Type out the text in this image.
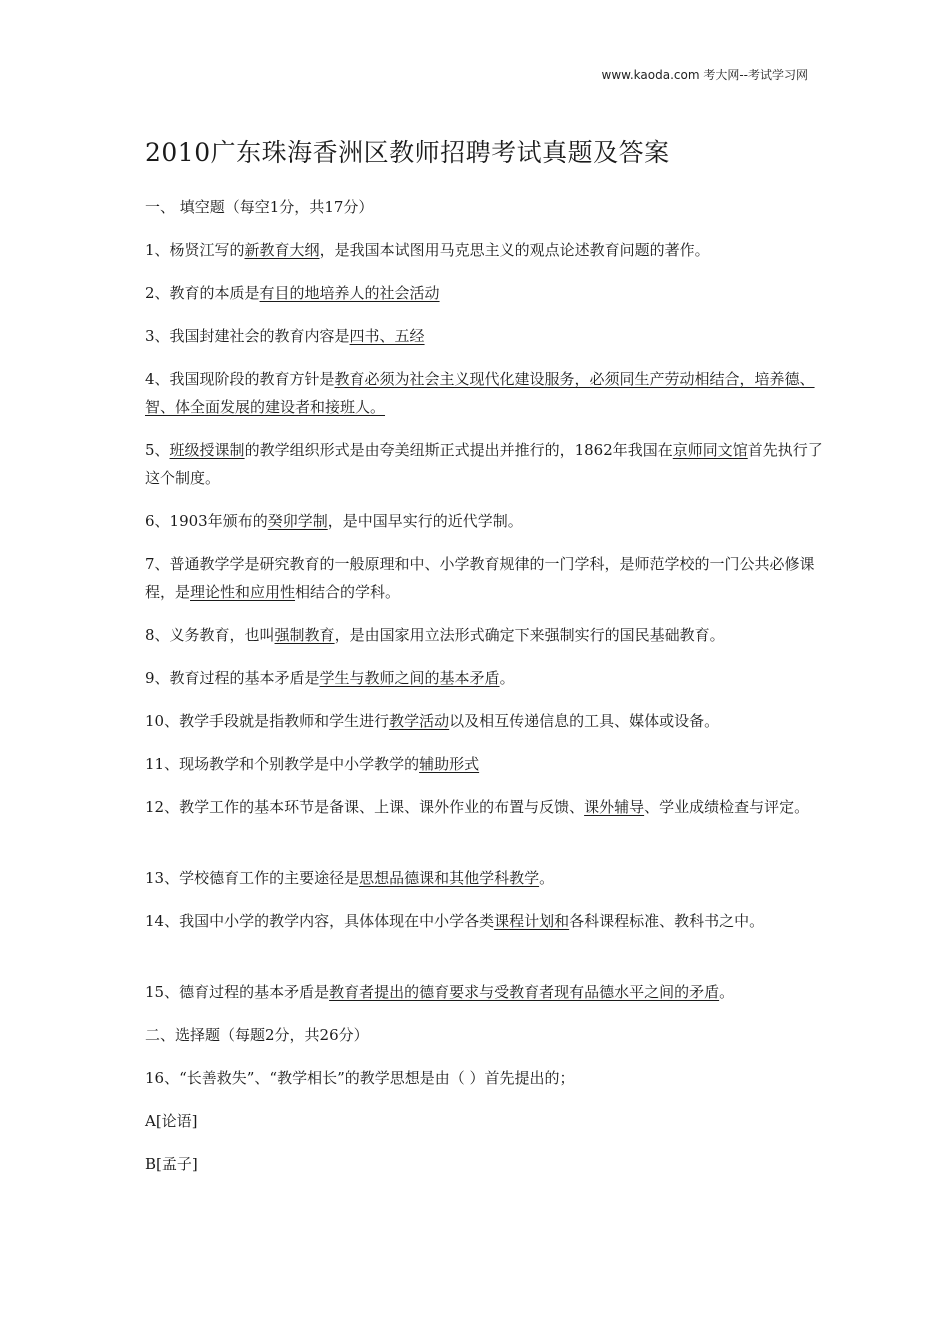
www.kaoda.com 考大网--考试学习网
2010广东珠海香洲区教师招聘考试真题及答案

一、 填空题（每空1分，共17分）

1、杨贤江写的新教育大纲，是我国本试图用马克思主义的观点论述教育问题的著作。

2、教育的本质是有目的地培养人的社会活动

3、我国封建社会的教育内容是四书、五经

4、我国现阶段的教育方针是教育必须为社会主义现代化建设服务，必须同生产劳动相结合，培养德、智、体全面发展的建设者和接班人。

5、班级授课制的教学组织形式是由夸美纽斯正式提出并推行的，1862年我国在京师同文馆首先执行了这个制度。

6、1903年颁布的癸卯学制，是中国早实行的近代学制。

7、普通教学学是研究教育的一般原理和中、小学教育规律的一门学科，是师范学校的一门公共必修课程，是理论性和应用性相结合的学科。

8、义务教育，也叫强制教育，是由国家用立法形式确定下来强制实行的国民基础教育。

9、教育过程的基本矛盾是学生与教师之间的基本矛盾。

10、教学手段就是指教师和学生进行教学活动以及相互传递信息的工具、媒体或设备。

11、现场教学和个别教学是中小学教学的辅助形式

12、教学工作的基本环节是备课、上课、课外作业的布置与反馈、课外辅导、学业成绩检查与评定。

13、学校德育工作的主要途径是思想品德课和其他学科教学。

14、我国中小学的教学内容，具体体现在中小学各类课程计划和各科课程标准、教科书之中。

15、德育过程的基本矛盾是教育者提出的德育要求与受教育者现有品德水平之间的矛盾。

二、选择题（每题2分，共26分）

16、“长善救失”、“教学相长”的教学思想是由（ ）首先提出的；

A[论语]

B[孟子]
